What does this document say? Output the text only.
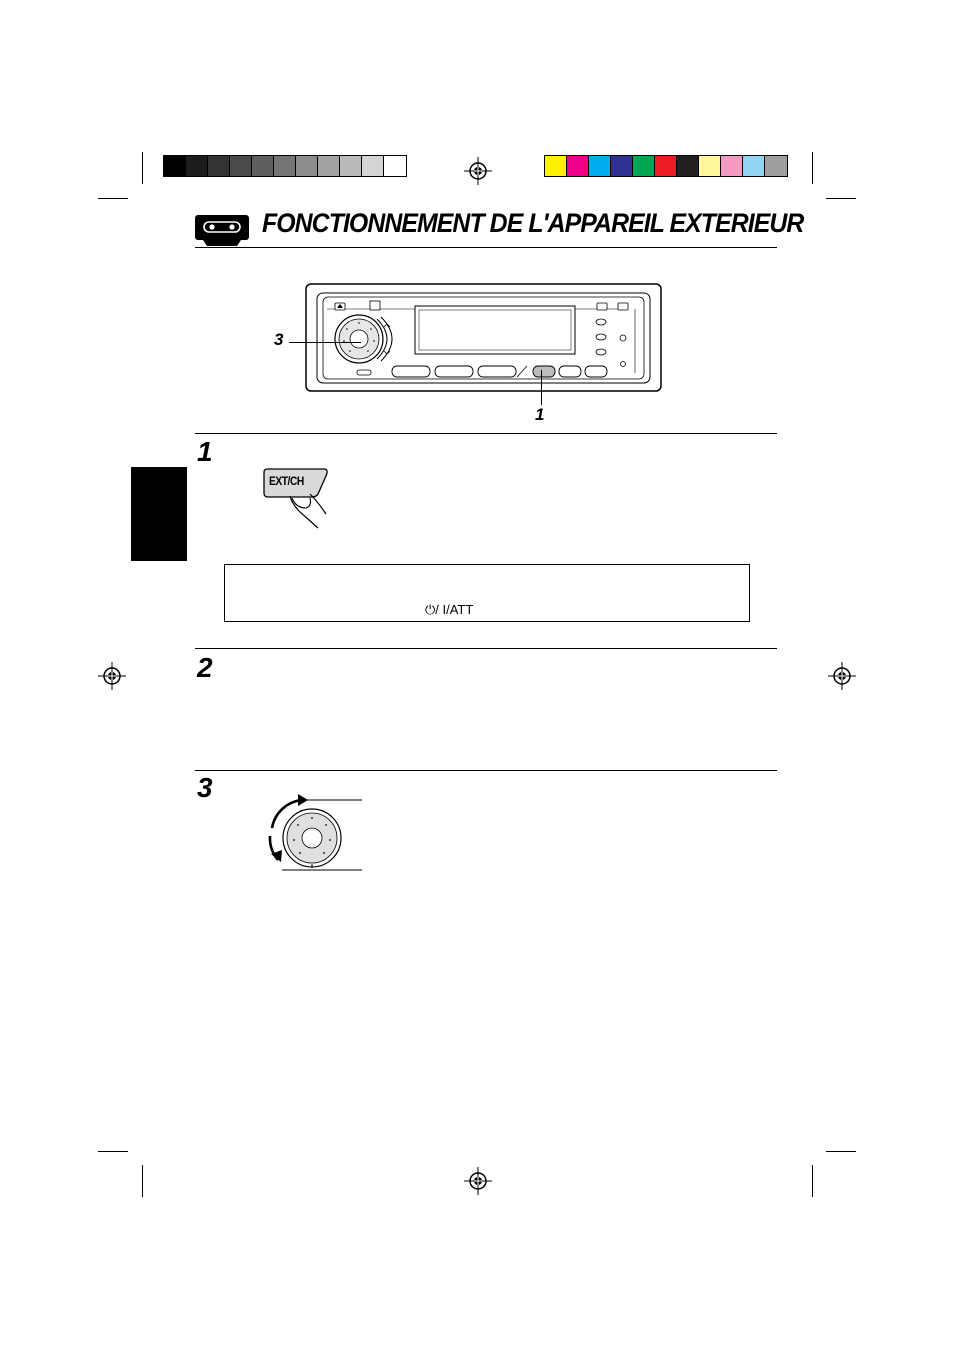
FONCTIONNEMENT DE L'APPAREIL EXTERIEUR
3
1
1
EXT/CH
⏻/ I/ATT
2
3
